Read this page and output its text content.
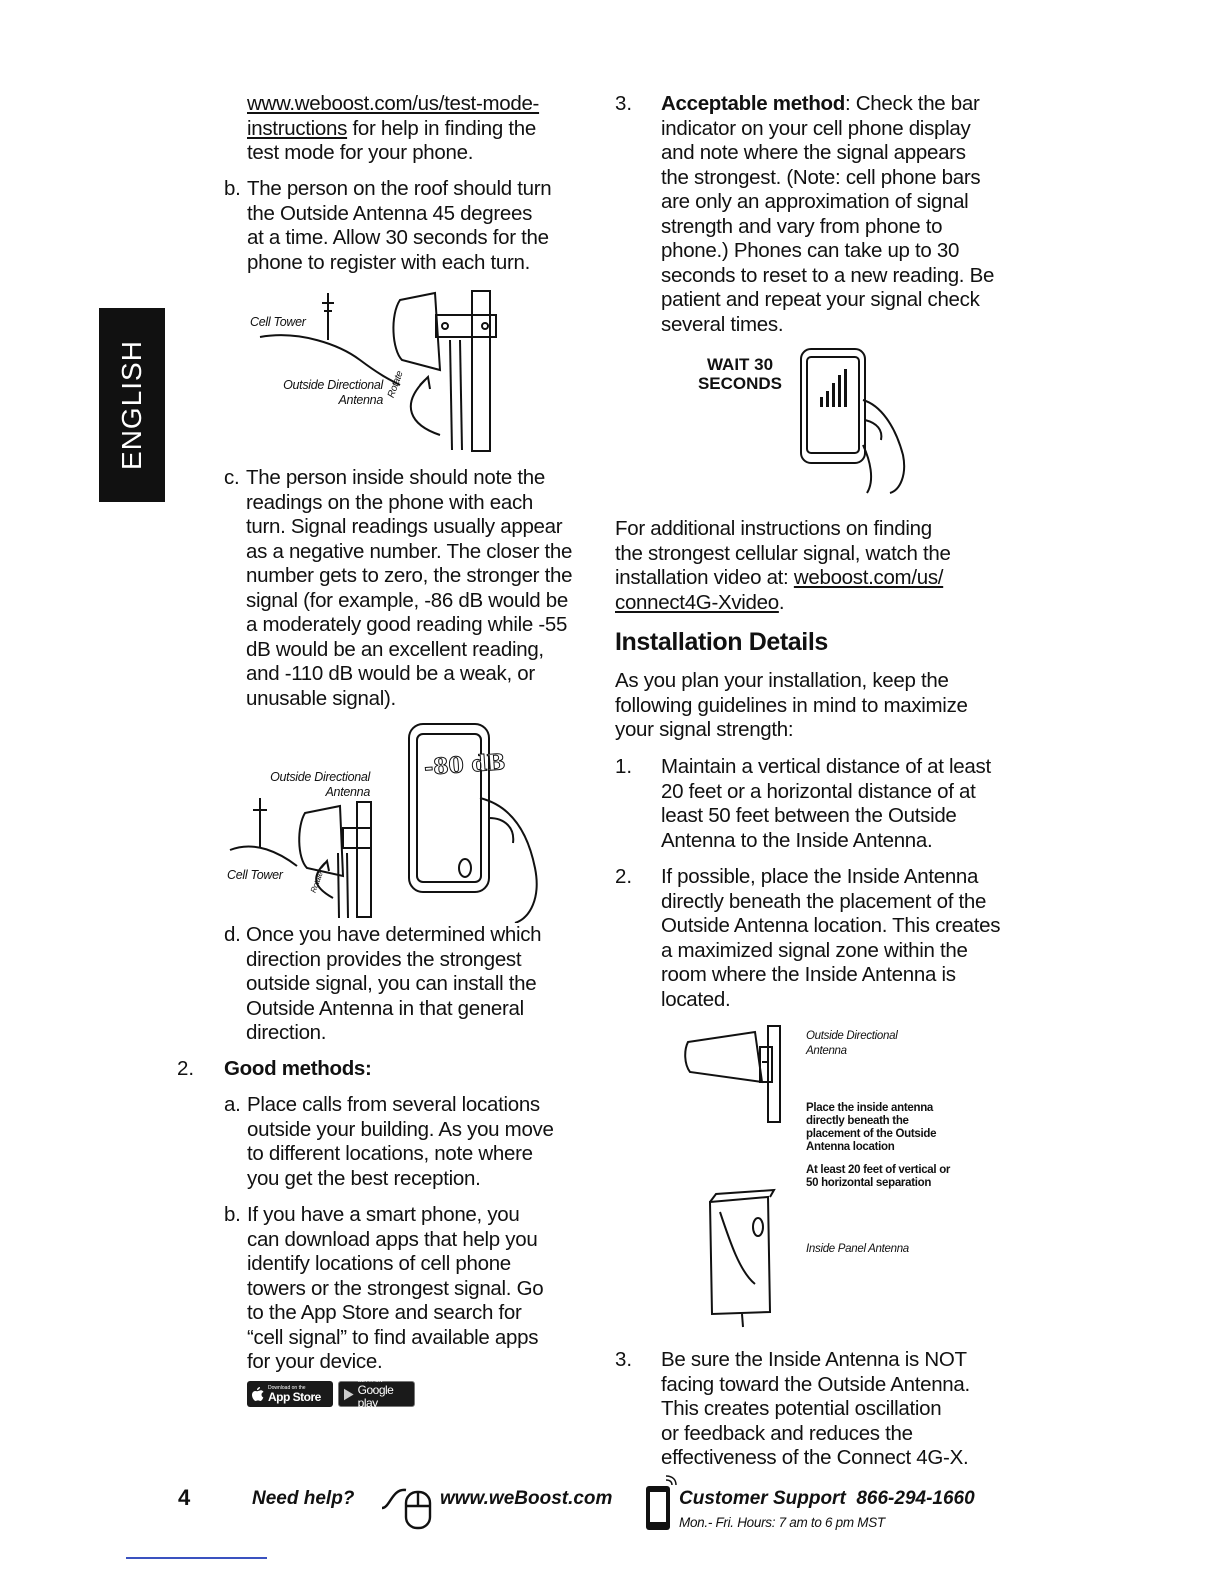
ENGLISH
www.weboost.com/us/test-mode-
instructions for help in finding the
test mode for your phone.
b. The person on the roof should turn
the Outside Antenna 45 degrees
at a time. Allow 30 seconds for the
phone to register with each turn.
Cell Tower
Outside Directional
Antenna
Rotate
c. The person inside should note the
readings on the phone with each
turn. Signal readings usually appear
as a negative number. The closer the
number gets to zero, the stronger the
signal (for example, -86 dB would be
a moderately good reading while -55
dB would be an excellent reading,
and -110 dB would be a weak, or
unusable signal).
-80 dB
Outside Directional
Antenna
Cell Tower	Rotate
d. Once you have determined which
direction provides the strongest
outside signal, you can install the
Outside Antenna in that general
direction.
2. Good methods:
a. Place calls from several locations
outside your building. As you move
to different locations, note where
you get the best reception.
b. If you have a smart phone, you
can download apps that help you
identify locations of cell phone
towers or the strongest signal. Go
to the App Store and search for
“cell signal” to find available apps
for your device.
Download on the
App Store
GET IT ON
Google play
3. Acceptable method: Check the bar
indicator on your cell phone display
and note where the signal appears
the strongest. (Note: cell phone bars
are only an approximation of signal
strength and vary from phone to
phone.) Phones can take up to 30
seconds to reset to a new reading. Be
patient and repeat your signal check
several times.
WAIT 30
SECONDS
For additional instructions on finding
the strongest cellular signal, watch the
installation video at: weboost.com/us/
connect4G-Xvideo.
Installation Details
As you plan your installation, keep the
following guidelines in mind to maximize
your signal strength:
1. Maintain a vertical distance of at least
20 feet or a horizontal distance of at
least 50 feet between the Outside
Antenna to the Inside Antenna.
2. If possible, place the Inside Antenna
directly beneath the placement of the
Outside Antenna location. This creates
a maximized signal zone within the
room where the Inside Antenna is
located.
Outside Directional
Antenna
Place the inside antenna
directly beneath the
placement of the Outside
Antenna location
At least 20 feet of vertical or
50 horizontal separation
Inside Panel Antenna
3. Be sure the Inside Antenna is NOT
facing toward the Outside Antenna.
This creates potential oscillation
or feedback and reduces the
effectiveness of the Connect 4G-X.
4	Need help?	www.weBoost.com	Customer Support 866-294-1660
Mon.- Fri. Hours: 7 am to 6 pm MST
